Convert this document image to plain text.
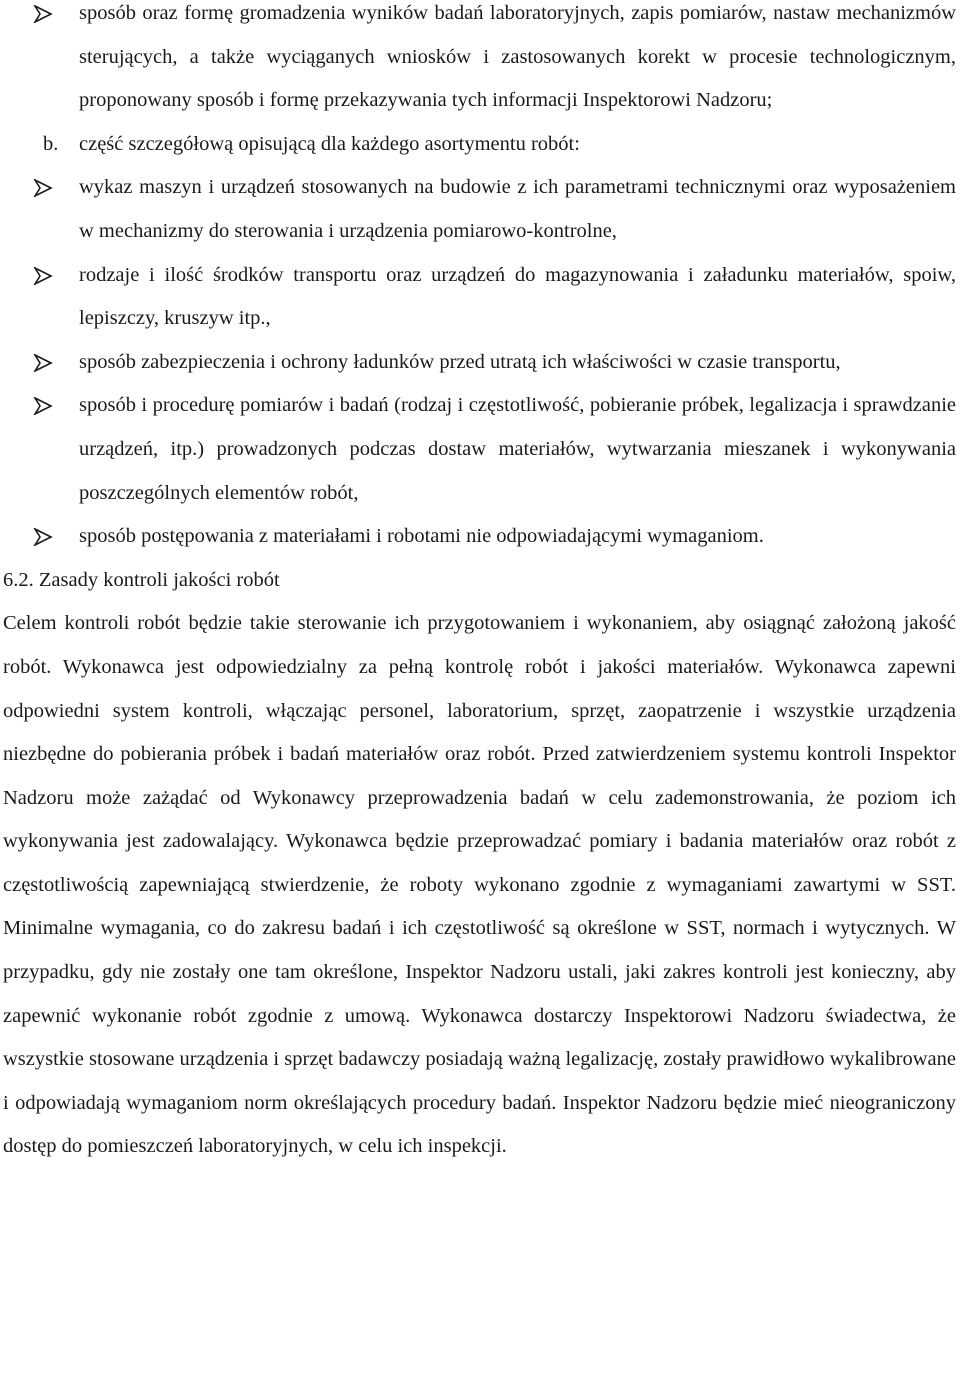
sposób oraz formę gromadzenia wyników badań laboratoryjnych, zapis pomiarów, nastaw mechanizmów sterujących, a także wyciąganych wniosków i zastosowanych korekt w procesie technologicznym, proponowany sposób i formę przekazywania tych informacji Inspektorowi Nadzoru;
b. część szczegółową opisującą dla każdego asortymentu robót:
wykaz maszyn i urządzeń stosowanych na budowie z ich parametrami technicznymi oraz wyposażeniem w mechanizmy do sterowania i urządzenia pomiarowo-kontrolne,
rodzaje i ilość środków transportu oraz urządzeń do magazynowania i załadunku materiałów, spoiw, lepiszczy, kruszyw itp.,
sposób zabezpieczenia i ochrony ładunków przed utratą ich właściwości w czasie transportu,
sposób i procedurę pomiarów i badań (rodzaj i częstotliwość, pobieranie próbek, legalizacja i sprawdzanie urządzeń, itp.) prowadzonych podczas dostaw materiałów, wytwarzania mieszanek i wykonywania poszczególnych elementów robót,
sposób postępowania z materiałami i robotami nie odpowiadającymi wymaganiom.
6.2. Zasady kontroli jakości robót

Celem kontroli robót będzie takie sterowanie ich przygotowaniem i wykonaniem, aby osiągnąć założoną jakość robót. Wykonawca jest odpowiedzialny za pełną kontrolę robót i jakości materiałów. Wykonawca zapewni odpowiedni system kontroli, włączając personel, laboratorium, sprzęt, zaopatrzenie i wszystkie urządzenia niezbędne do pobierania próbek i badań materiałów oraz robót. Przed zatwierdzeniem systemu kontroli Inspektor Nadzoru może zażądać od Wykonawcy przeprowadzenia badań w celu zademonstrowania, że poziom ich wykonywania jest zadowalający. Wykonawca będzie przeprowadzać pomiary i badania materiałów oraz robót z częstotliwością zapewniającą stwierdzenie, że roboty wykonano zgodnie z wymaganiami zawartymi w SST. Minimalne wymagania, co do zakresu badań i ich częstotliwość są określone w SST, normach i wytycznych. W przypadku, gdy nie zostały one tam określone, Inspektor Nadzoru ustali, jaki zakres kontroli jest konieczny, aby zapewnić wykonanie robót zgodnie z umową. Wykonawca dostarczy Inspektorowi Nadzoru świadectwa, że wszystkie stosowane urządzenia i sprzęt badawczy posiadają ważną legalizację, zostały prawidłowo wykalibrowane i odpowiadają wymaganiom norm określających procedury badań. Inspektor Nadzoru będzie mieć nieograniczony dostęp do pomieszczeń laboratoryjnych, w celu ich inspekcji.
